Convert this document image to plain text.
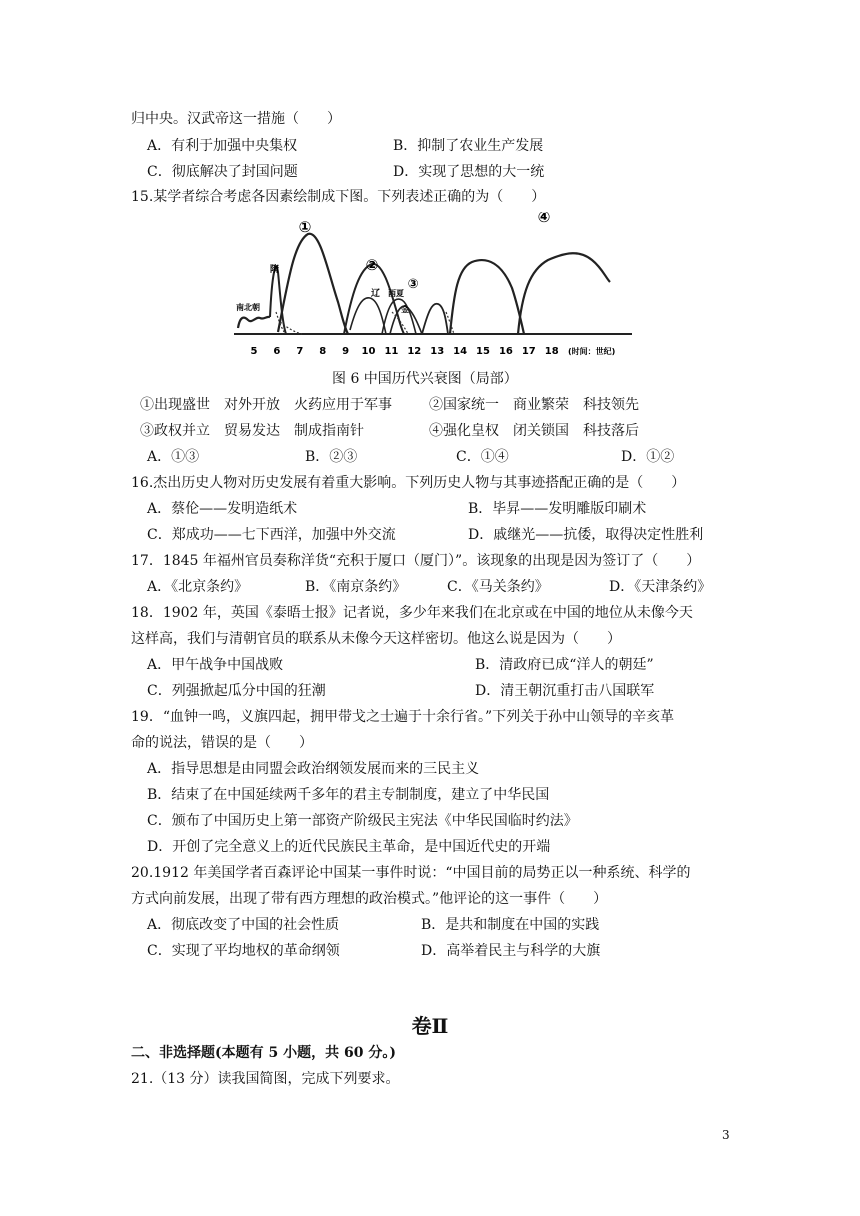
归中央。汉武帝这一措施（　　）
A．有利于加强中央集权	B．抑制了农业生产发展
C．彻底解决了封国问题	D．实现了思想的大一统
15.某学者综合考虑各因素绘制成下图。下列表述正确的为（　　）
①
②
③
④
南北朝
隋
辽 西夏
金
5 6 7 8 9 10 11 12 13 14 15 16 17 18 (时间：世纪)
图 6 中国历代兴衰图（局部）
①出现盛世　对外开放　火药应用于军事	②国家统一　商业繁荣　科技领先
③政权并立　贸易发达　制成指南针	④强化皇权　闭关锁国　科技落后
A．①③	B．②③	C．①④	D．①②
16.杰出历史人物对历史发展有着重大影响。下列历史人物与其事迹搭配正确的是（　　）
A．蔡伦——发明造纸术	B．毕昇——发明雕版印刷术
C．郑成功——七下西洋，加强中外交流	D．戚继光——抗倭，取得决定性胜利
17．1845 年福州官员奏称洋货“充积于厦口（厦门）”。该现象的出现是因为签订了（　　）
A．《北京条约》	B．《南京条约》	C．《马关条约》	D．《天津条约》
18．1902 年，英国《泰晤士报》记者说，多少年来我们在北京或在中国的地位从未像今天
这样高，我们与清朝官员的联系从未像今天这样密切。他这么说是因为（　　）
A．甲午战争中国战败	B．清政府已成“洋人的朝廷”
C．列强掀起瓜分中国的狂潮	D．清王朝沉重打击八国联军
19．“血钟一鸣，义旗四起，拥甲带戈之士遍于十余行省。”下列关于孙中山领导的辛亥革
命的说法，错误的是（　　）
A．指导思想是由同盟会政治纲领发展而来的三民主义
B．结束了在中国延续两千多年的君主专制制度，建立了中华民国
C．颁布了中国历史上第一部资产阶级民主宪法《中华民国临时约法》
D．开创了完全意义上的近代民族民主革命，是中国近代史的开端
20.1912 年美国学者百森评论中国某一事件时说：“中国目前的局势正以一种系统、科学的
方式向前发展，出现了带有西方理想的政治模式。”他评论的这一事件（　　）
A．彻底改变了中国的社会性质	B．是共和制度在中国的实践
C．实现了平均地权的革命纲领	D．高举着民主与科学的大旗
卷Ⅱ
二、非选择题(本题有 5 小题，共 60 分。)
21.（13 分）读我国简图，完成下列要求。
3
